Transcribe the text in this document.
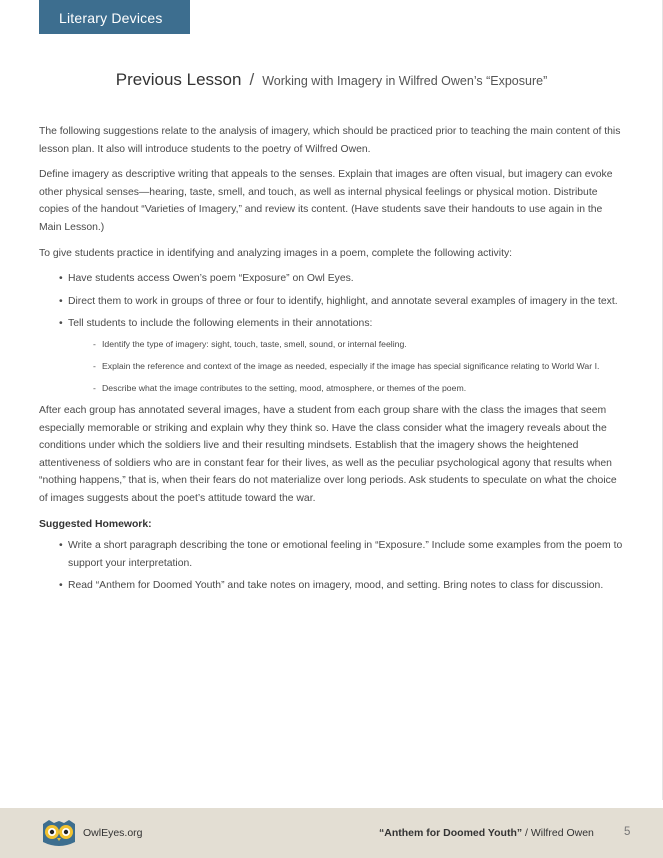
Literary Devices
Previous Lesson / Working with Imagery in Wilfred Owen’s “Exposure”

The following suggestions relate to the analysis of imagery, which should be practiced prior to teaching the main content of this lesson plan. It also will introduce students to the poetry of Wilfred Owen.

Define imagery as descriptive writing that appeals to the senses. Explain that images are often visual, but imagery can evoke other physical senses—hearing, taste, smell, and touch, as well as internal physical feelings or physical motion. Distribute copies of the handout “Varieties of Imagery,” and review its content. (Have students save their handouts to use again in the Main Lesson.)

To give students practice in identifying and analyzing images in a poem, complete the following activity:

• Have students access Owen’s poem “Exposure” on Owl Eyes.
• Direct them to work in groups of three or four to identify, highlight, and annotate several examples of imagery in the text.
• Tell students to include the following elements in their annotations:
- Identify the type of imagery: sight, touch, taste, smell, sound, or internal feeling.
- Explain the reference and context of the image as needed, especially if the image has special significance relating to World War I.
- Describe what the image contributes to the setting, mood, atmosphere, or themes of the poem.

After each group has annotated several images, have a student from each group share with the class the images that seem especially memorable or striking and explain why they think so. Have the class consider what the imagery reveals about the conditions under which the soldiers live and their resulting mindsets. Establish that the imagery shows the heightened attentiveness of soldiers who are in constant fear for their lives, as well as the peculiar psychological agony that results when “nothing happens,” that is, when their fears do not materialize over long periods. Ask students to speculate on what the choice of images suggests about the poet’s attitude toward the war.

Suggested Homework:
• Write a short paragraph describing the tone or emotional feeling in “Exposure.” Include some examples from the poem to support your interpretation.
• Read “Anthem for Doomed Youth” and take notes on imagery, mood, and setting. Bring notes to class for discussion.
OwlEyes.org	“Anthem for Doomed Youth” / Wilfred Owen	5
